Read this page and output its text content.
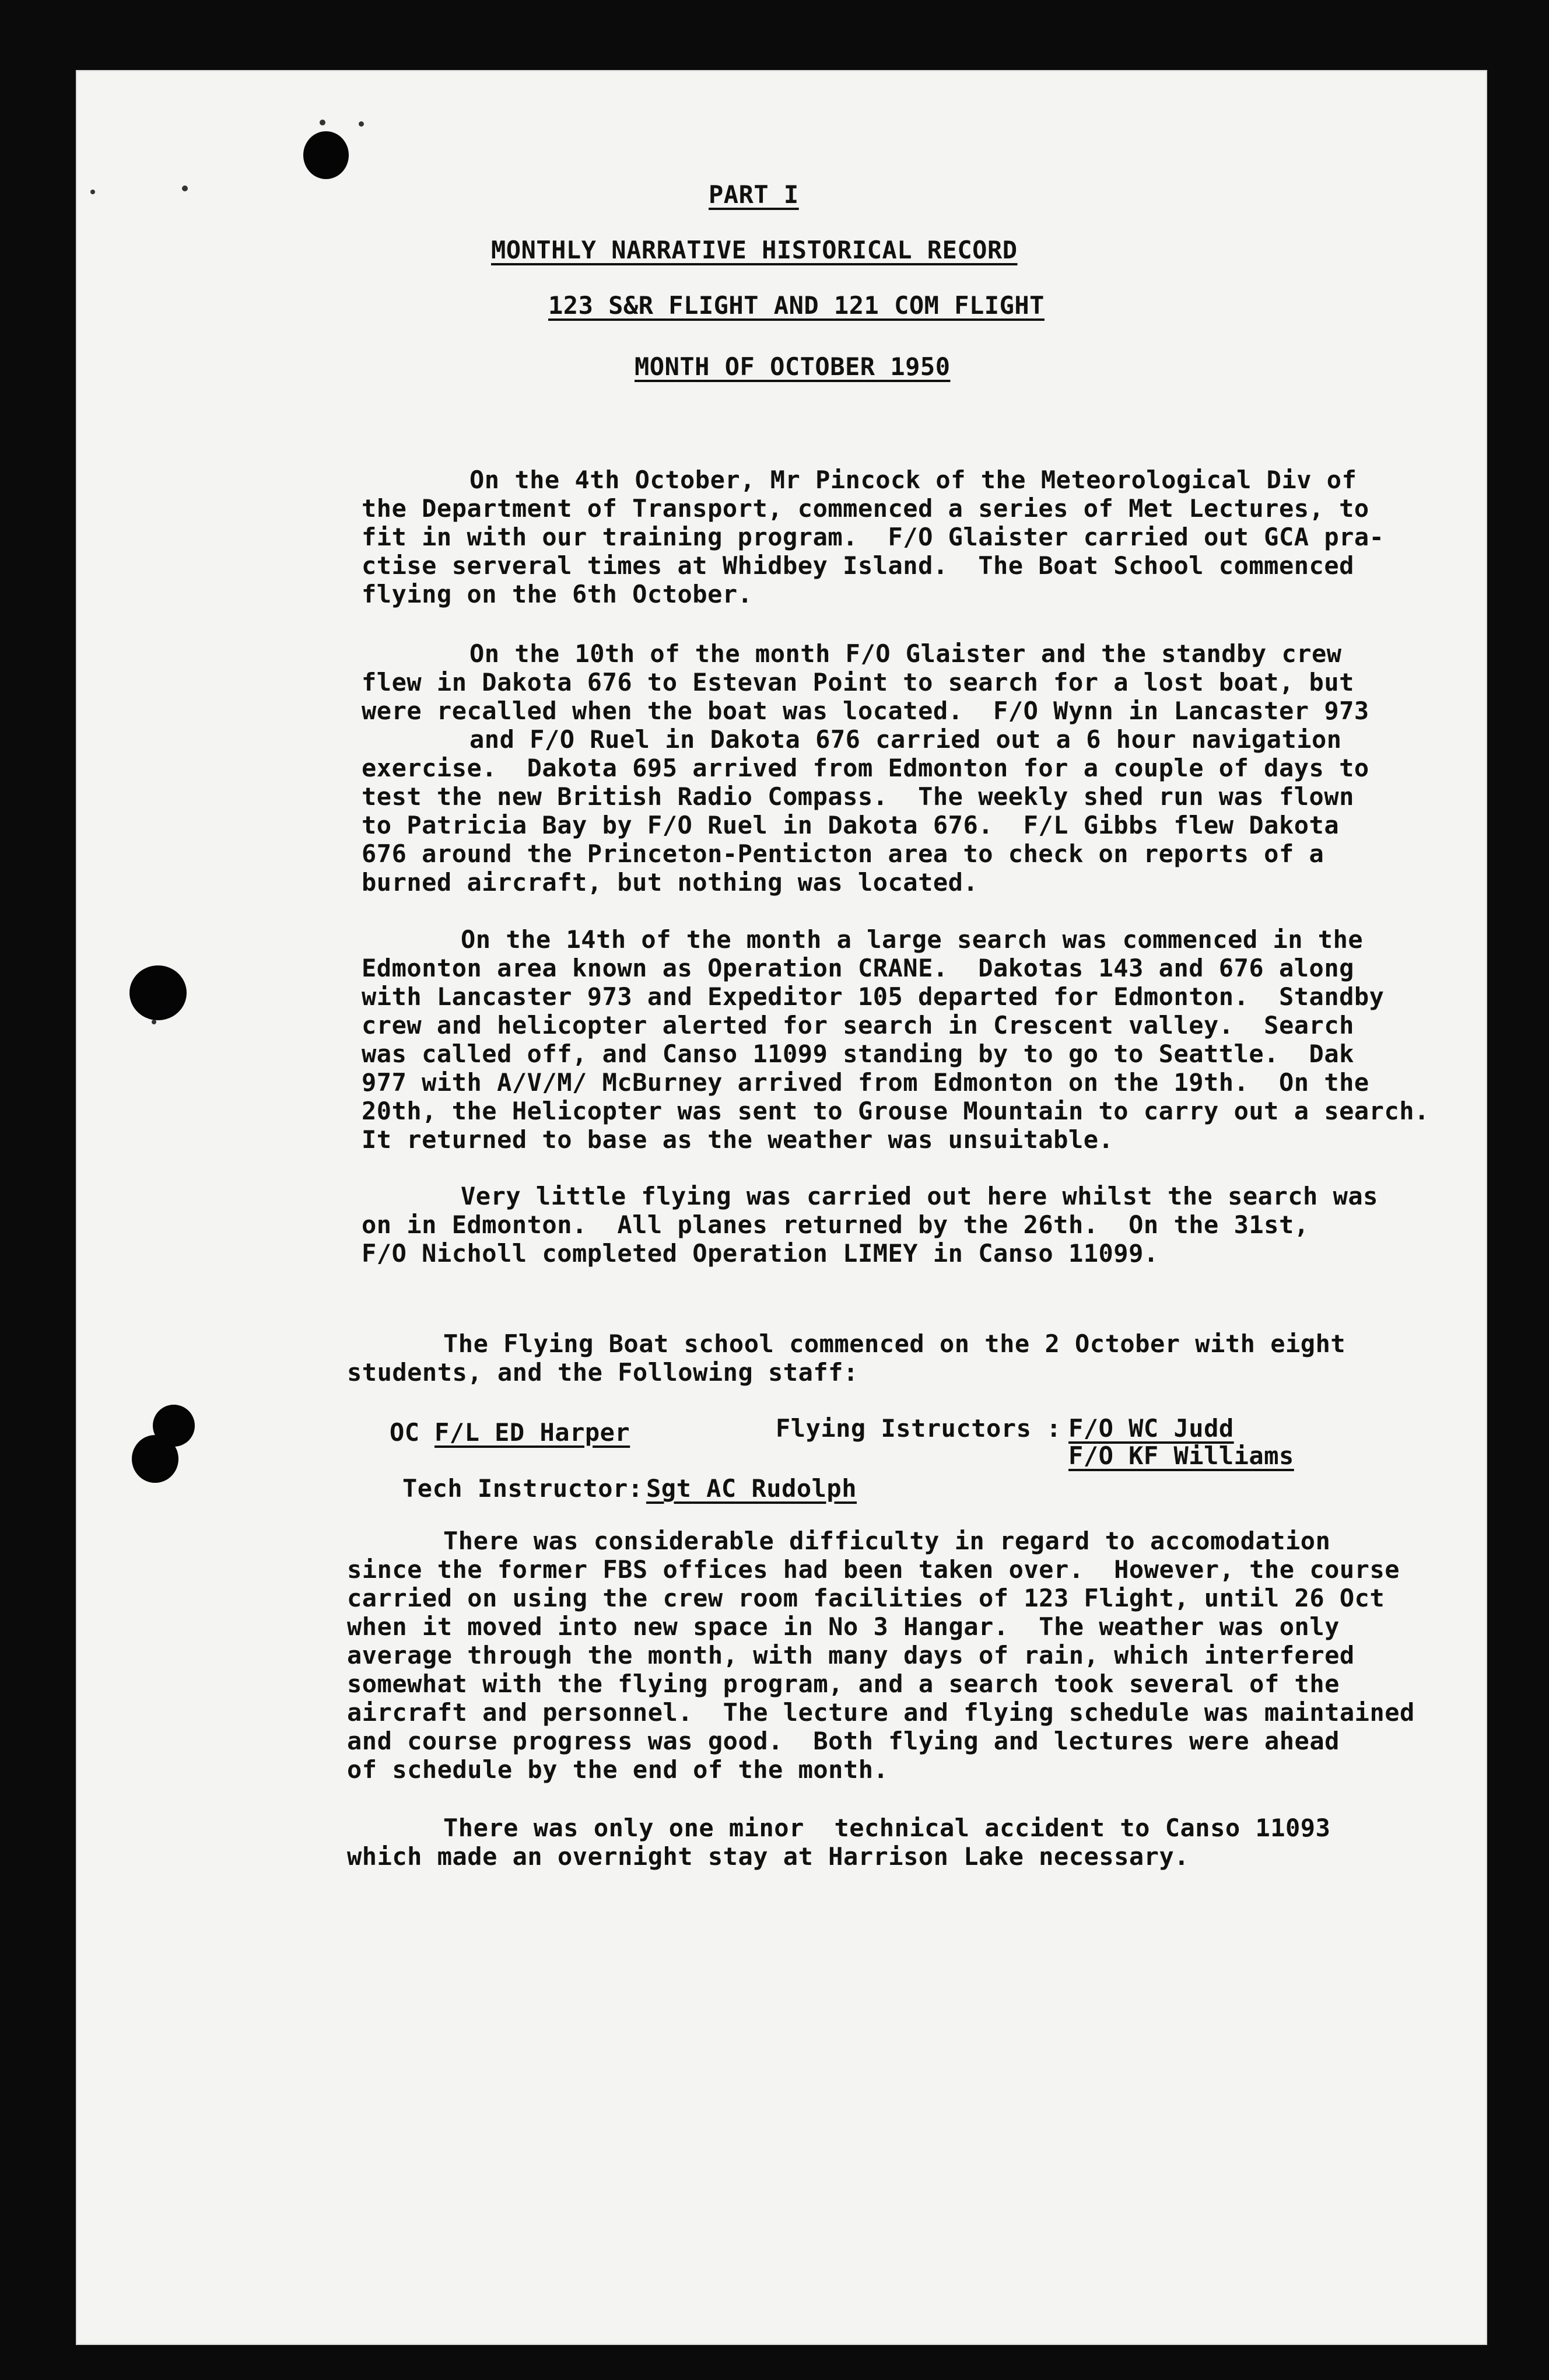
PART I
MONTHLY NARRATIVE HISTORICAL RECORD
123 S&R FLIGHT AND 121 COM FLIGHT
MONTH OF OCTOBER 1950
On the 4th October, Mr Pincock of the Meteorological Div of
the Department of Transport, commenced a series of Met Lectures, to
fit in with our training program.  F/O Glaister carried out GCA pra-
ctise serveral times at Whidbey Island.  The Boat School commenced
flying on the 6th October.
On the 10th of the month F/O Glaister and the standby crew
flew in Dakota 676 to Estevan Point to search for a lost boat, but
were recalled when the boat was located.  F/O Wynn in Lancaster 973
and F/O Ruel in Dakota 676 carried out a 6 hour navigation
exercise.  Dakota 695 arrived from Edmonton for a couple of days to
test the new British Radio Compass.  The weekly shed run was flown
to Patricia Bay by F/O Ruel in Dakota 676.  F/L Gibbs flew Dakota
676 around the Princeton-Penticton area to check on reports of a
burned aircraft, but nothing was located.
On the 14th of the month a large search was commenced in the
Edmonton area known as Operation CRANE.  Dakotas 143 and 676 along
with Lancaster 973 and Expeditor 105 departed for Edmonton.  Standby
crew and helicopter alerted for search in Crescent valley.  Search
was called off, and Canso 11099 standing by to go to Seattle.  Dak
977 with A/V/M/ McBurney arrived from Edmonton on the 19th.  On the
20th, the Helicopter was sent to Grouse Mountain to carry out a search.
It returned to base as the weather was unsuitable.
Very little flying was carried out here whilst the search was
on in Edmonton.  All planes returned by the 26th.  On the 31st,
F/O Nicholl completed Operation LIMEY in Canso 11099.
The Flying Boat school commenced on the 2 October with eight
students, and the Following staff:
OC F/L ED Harper	Flying Istructors : F/O WC Judd
F/O KF Williams
Tech Instructor: Sgt AC Rudolph
There was considerable difficulty in regard to accomodation
since the former FBS offices had been taken over.  However, the course
carried on using the crew room facilities of 123 Flight, until 26 Oct
when it moved into new space in No 3 Hangar.  The weather was only
average through the month, with many days of rain, which interfered
somewhat with the flying program, and a search took several of the
aircraft and personnel.  The lecture and flying schedule was maintained
and course progress was good.  Both flying and lectures were ahead
of schedule by the end of the month.
There was only one minor  technical accident to Canso 11093
which made an overnight stay at Harrison Lake necessary.
